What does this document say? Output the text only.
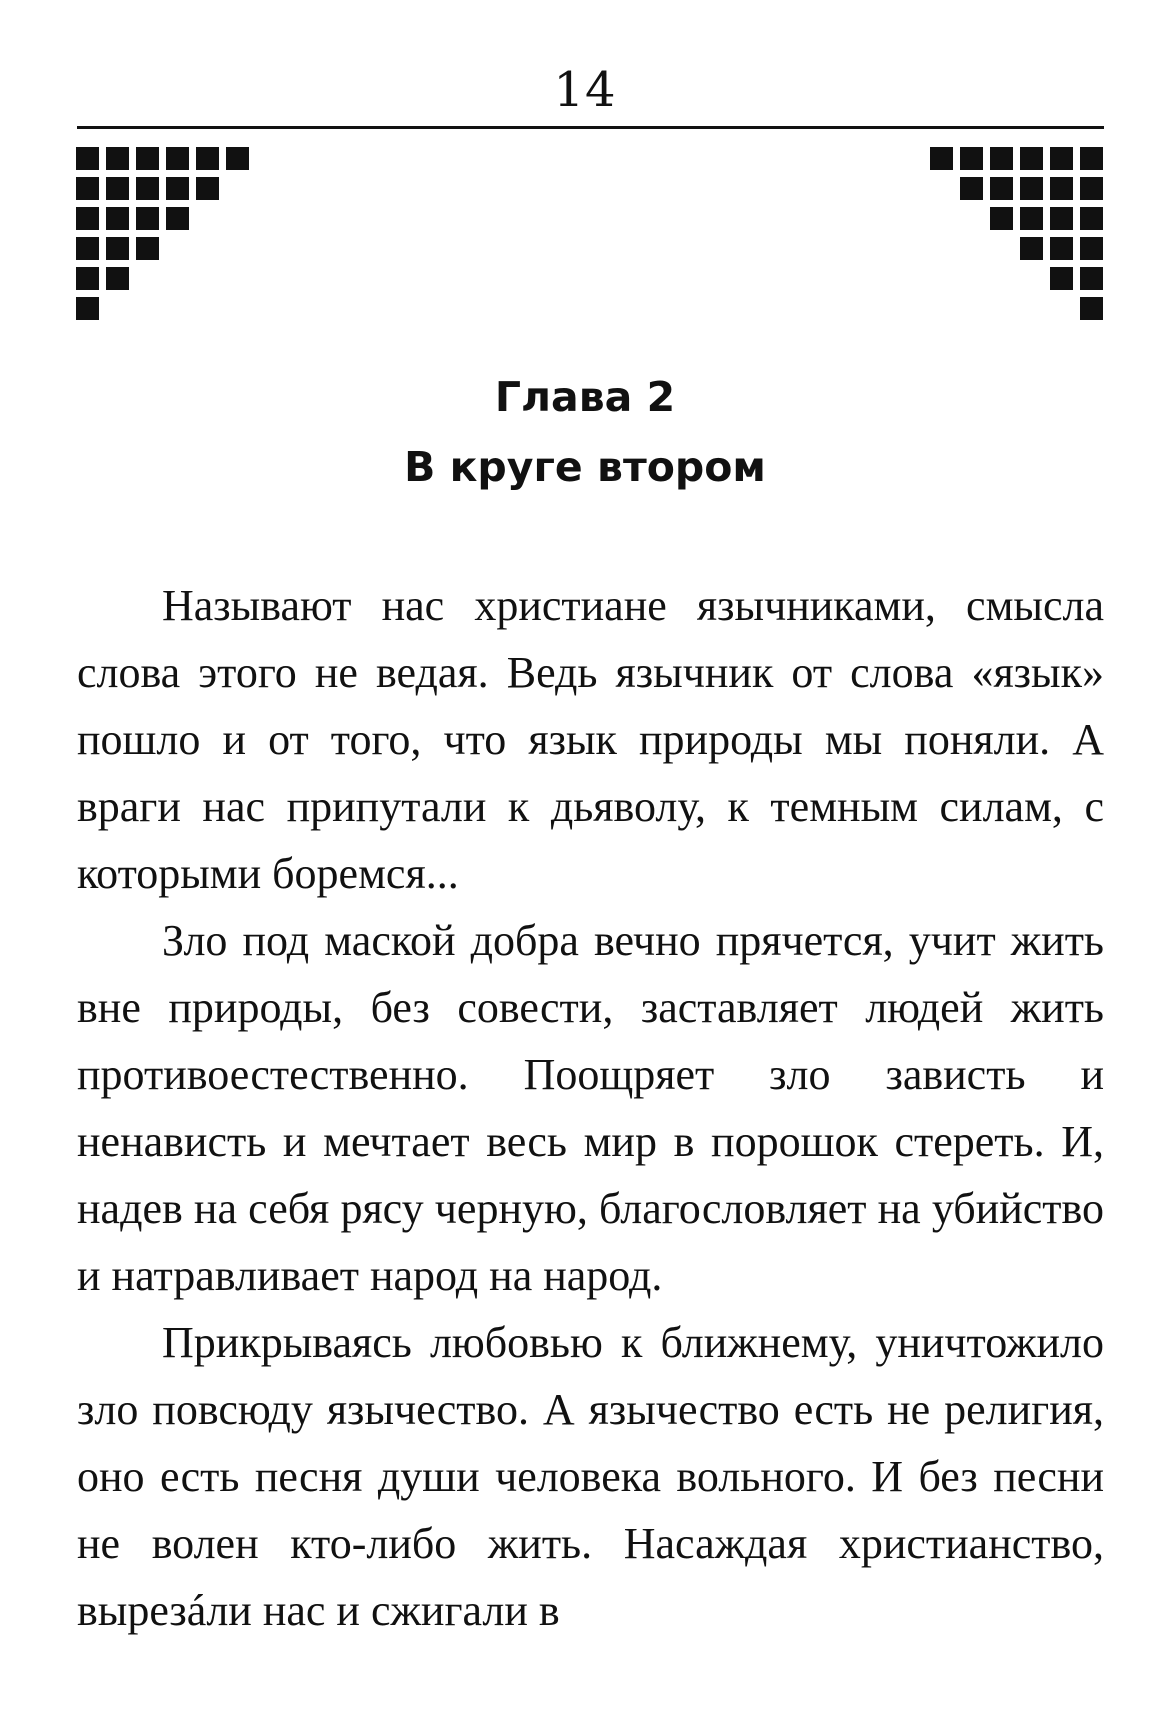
14
Глава 2
В круге втором

Называют нас христиане язычниками, смысла слова этого не ведая. Ведь язычник от слова «язык» пошло и от того, что язык природы мы поняли. А враги нас припутали к дьяволу, к темным силам, с которыми боремся...

Зло под маской добра вечно прячется, учит жить вне природы, без совести, заставляет людей жить противоестественно. Поощряет зло зависть и ненависть и мечтает весь мир в порошок стереть. И, надев на себя рясу черную, благословляет на убийство и натравливает народ на народ.

Прикрываясь любовью к ближнему, уничтожило зло повсюду язычество. А язычество есть не религия, оно есть песня души человека вольного. И без песни не волен кто-либо жить. Насаждая христианство, вырезáли нас и сжигали в
